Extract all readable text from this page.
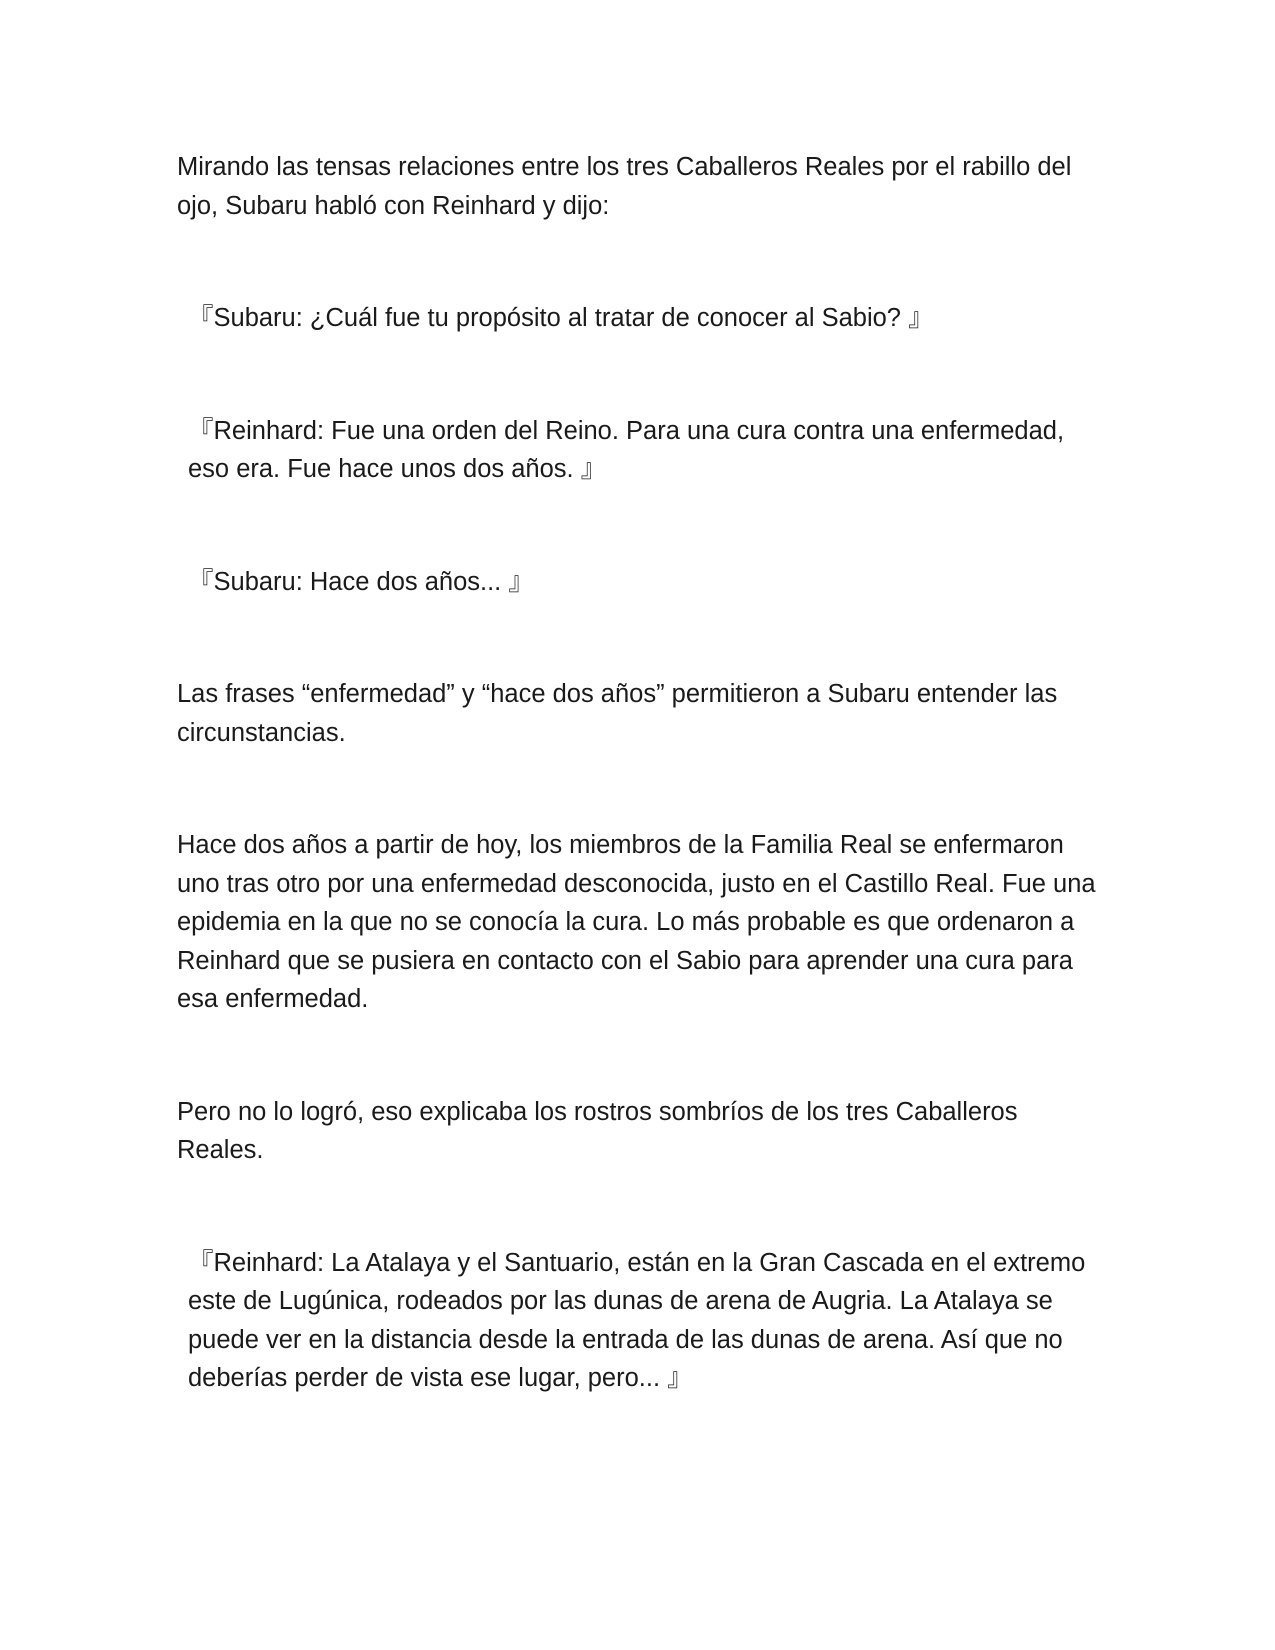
Mirando las tensas relaciones entre los tres Caballeros Reales por el rabillo del ojo, Subaru habló con Reinhard y dijo:

『Subaru: ¿Cuál fue tu propósito al tratar de conocer al Sabio? 』

『Reinhard: Fue una orden del Reino. Para una cura contra una enfermedad, eso era. Fue hace unos dos años. 』

『Subaru: Hace dos años... 』

Las frases “enfermedad” y “hace dos años” permitieron a Subaru entender las circunstancias.

Hace dos años a partir de hoy, los miembros de la Familia Real se enfermaron uno tras otro por una enfermedad desconocida, justo en el Castillo Real. Fue una epidemia en la que no se conocía la cura. Lo más probable es que ordenaron a Reinhard que se pusiera en contacto con el Sabio para aprender una cura para esa enfermedad.

Pero no lo logró, eso explicaba los rostros sombríos de los tres Caballeros Reales.

『Reinhard: La Atalaya y el Santuario, están en la Gran Cascada en el extremo este de Lugúnica, rodeados por las dunas de arena de Augria. La Atalaya se puede ver en la distancia desde la entrada de las dunas de arena. Así que no deberías perder de vista ese lugar, pero... 』
